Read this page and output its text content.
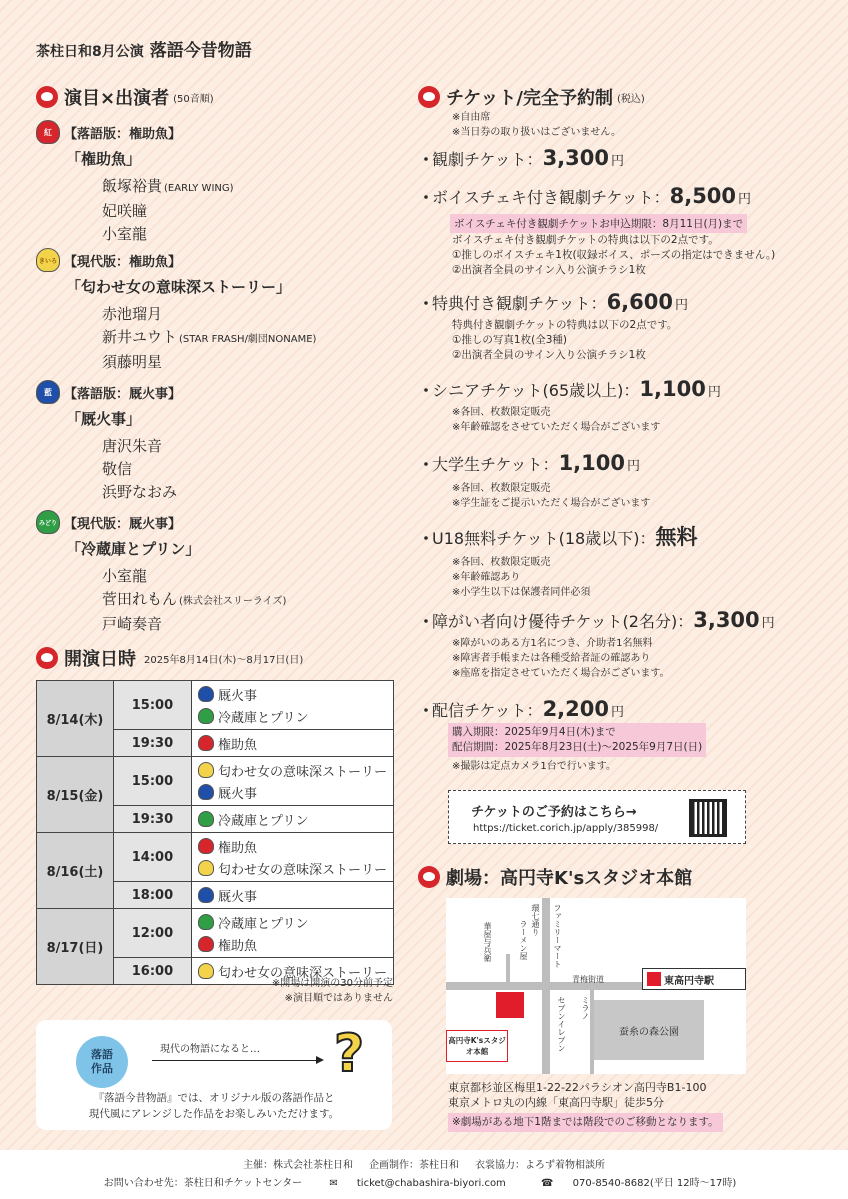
茶柱日和8月公演 落語今昔物語
演目×出演者 (50音順)
紅 【落語版：権助魚】
「権助魚」
飯塚裕貴 (EARLY WING)
妃咲瞳
小室龍
きいろ 【現代版：権助魚】
「匂わせ女の意味深ストーリー」
赤池瑠月
新井ユウト (STAR FRASH/劇団NONAME)
須藤明星
藍 【落語版：厩火事】
「厩火事」
唐沢朱音
敬信
浜野なおみ
みどり 【現代版：厩火事】
「冷蔵庫とプリン」
小室龍
菅田れもん (株式会社スリーライズ)
戸崎奏音
開演日時 2025年8月14日(木)〜8月17日(日)
8/14(木)	15:00	厩火事
冷蔵庫とプリン

	19:30	権助魚

8/15(金)	15:00	匂わせ女の意味深ストーリー
厩火事

	19:30	冷蔵庫とプリン

8/16(土)	14:00	権助魚
匂わせ女の意味深ストーリー

	18:00	厩火事

8/17(日)	12:00	冷蔵庫とプリン
権助魚

	16:00	匂わせ女の意味深ストーリー
※開場は開演の30分前予定
※演目順ではありません
落語
作品
現代の物語になると… ?
『落語今昔物語』では、オリジナル版の落語作品と
現代風にアレンジした作品をお楽しみいただけます。
チケット/完全予約制 (税込)
※自由席
※当日券の取り扱いはございません。
・
観劇チケット： 3,300 円
・
ボイスチェキ付き観劇チケット： 8,500 円
ボイスチェキ付き観劇チケットお申込期限：8月11日(月)まで
ボイスチェキ付き観劇チケットの特典は以下の2点です。
①推しのボイスチェキ1枚(収録ボイス、ポーズの指定はできません。)
②出演者全員のサイン入り公演チラシ1枚
・
特典付き観劇チケット： 6,600 円
特典付き観劇チケットの特典は以下の2点です。
①推しの写真1枚(全3種)
②出演者全員のサイン入り公演チラシ1枚
・
シニアチケット(65歳以上)： 1,100 円
※各回、枚数限定販売
※年齢確認をさせていただく場合がございます
・
大学生チケット： 1,100 円
※各回、枚数限定販売
※学生証をご提示いただく場合がございます
・
U18無料チケット(18歳以下)： 無料
※各回、枚数限定販売
※年齢確認あり
※小学生以下は保護者同伴必須
・
障がい者向け優待チケット(2名分)： 3,300 円
※障がいのある方1名につき、介助者1名無料
※障害者手帳または各種受給者証の確認あり
※座席を指定させていただく場合がございます。
・
配信チケット： 2,200 円
購入期限：2025年9月4日(木)まで
配信期間：2025年8月23日(土)〜2025年9月7日(日)
※撮影は定点カメラ1台で行います。
チケットのご予約はこちら→
https://ticket.corich.jp/apply/385998/
劇場：高円寺K'sスタジオ本館
青梅街道
環七通り ファミリーマート
ラーメン屋
華屋与兵衛
セブンイレブン ミラノ
蚕糸の森公園
高円寺K'sスタジオ本館
東高円寺駅
東京都杉並区梅里1-22-22パラシオン高円寺B1-100
東京メトロ丸の内線「東高円寺駅」徒歩5分
※劇場がある地下1階までは階段でのご移動となります。
主催：株式会社茶柱日和 企画制作：茶柱日和 衣裳協力：よろず着物相談所
お問い合わせ先：茶柱日和チケットセンター	✉ ticket@chabashira-biyori.com	☎ 070-8540-8682(平日 12時〜17時)
